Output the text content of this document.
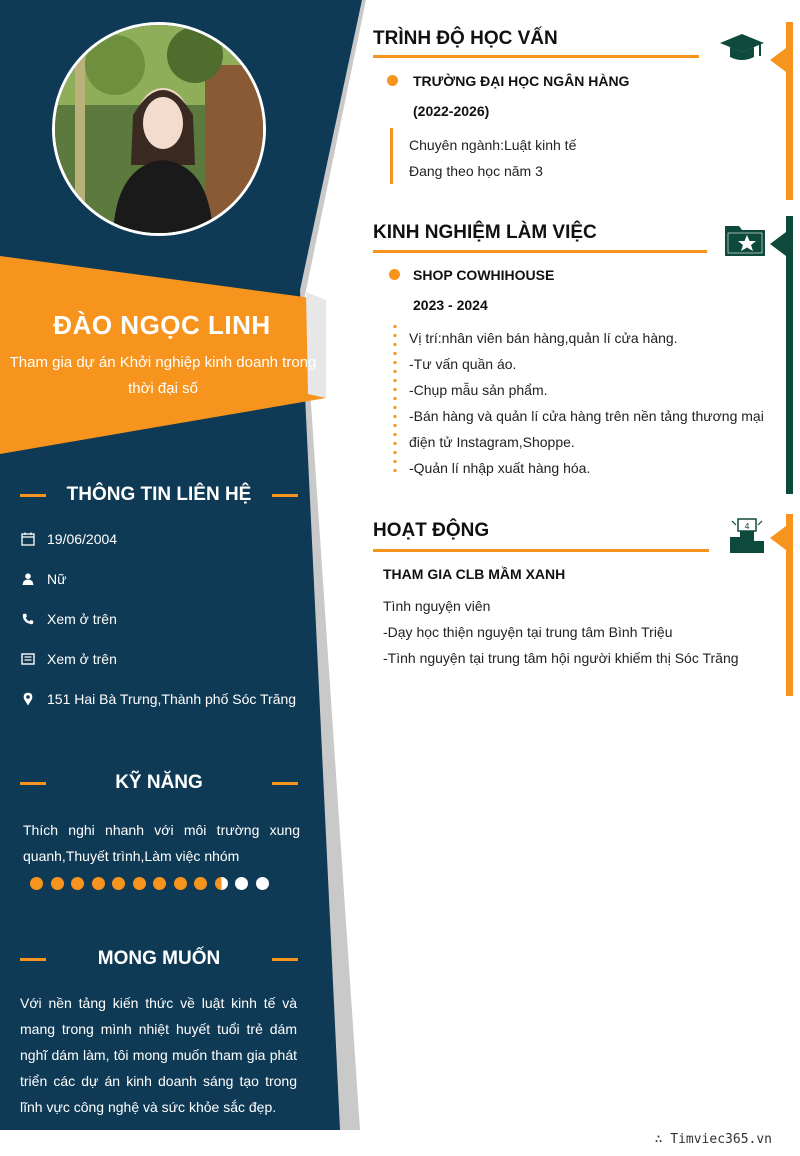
ĐÀO NGỌC LINH
Tham gia dự án Khởi nghiệp kinh doanh trong thời đại số
THÔNG TIN LIÊN HỆ
19/06/2004
Nữ
Xem ở trên
Xem ở trên
151 Hai Bà Trưng,Thành phố Sóc Trăng
KỸ NĂNG
Thích nghi nhanh với môi trường xung quanh,Thuyết trình,Làm việc nhóm
MONG MUỐN
Với nền tảng kiến thức về luật kinh tế và mang trong mình nhiệt huyết tuổi trẻ dám nghĩ dám làm, tôi mong muốn tham gia phát triển các dự án kinh doanh sáng tạo trong lĩnh vực công nghệ và sức khỏe sắc đẹp.
TRÌNH ĐỘ HỌC VẤN
TRƯỜNG ĐẠI HỌC NGÂN HÀNG
(2022-2026)
Chuyên ngành:Luật kinh tế
Đang theo học năm 3
KINH NGHIỆM LÀM VIỆC
SHOP COWHIHOUSE
2023 - 2024
Vị trí:nhân viên bán hàng,quản lí cửa hàng.
-Tư vấn quần áo.
-Chụp mẫu sản phẩm.
-Bán hàng và quản lí cửa hàng trên nền tảng thương mại
điện tử Instagram,Shoppe.
-Quản lí nhập xuất hàng hóa.
HOẠT ĐỘNG	4
THAM GIA CLB MẦM XANH
Tình nguyện viên
-Dạy học thiện nguyện tại trung tâm Bình Triệu
-Tình nguyện tại trung tâm hội người khiếm thị Sóc Trăng
∴ Timviec365.vn
